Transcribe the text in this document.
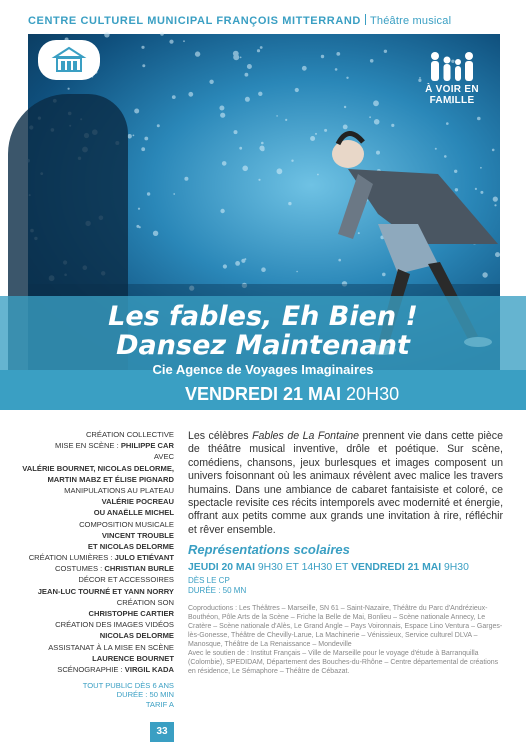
CENTRE CULTUREL MUNICIPAL FRANÇOIS MITTERRAND Théâtre musical
À VOIR EN
FAMILLE
Les fables, Eh Bien !
Dansez Maintenant
Cie Agence de Voyages Imaginaires
VENDREDI 21 MAI 20H30
CRÉATION COLLECTIVE
MISE EN SCÈNE : PHILIPPE CAR
AVEC
VALÉRIE BOURNET, NICOLAS DELORME,
MARTIN MABZ ET ÉLISE PIGNARD
MANIPULATIONS AU PLATEAU
VALÉRIE POCREAU
OU ANAËLLE MICHEL
COMPOSITION MUSICALE
VINCENT TROUBLE
ET NICOLAS DELORME
CRÉATION LUMIÈRES : JULO ETIÉVANT
COSTUMES : CHRISTIAN BURLE
DÉCOR ET ACCESSOIRES
JEAN-LUC TOURNÉ ET YANN NORRY
CRÉATION SON
CHRISTOPHE CARTIER
CRÉATION DES IMAGES VIDÉOS
NICOLAS DELORME
ASSISTANAT À LA MISE EN SCÈNE
LAURENCE BOURNET
SCÉNOGRAPHIE : VIRGIL KADA
TOUT PUBLIC DÈS 6 ANS
DURÉE : 50 MIN
TARIF A
Les célèbres Fables de La Fontaine prennent vie dans cette pièce de théâtre musical inventive, drôle et poétique. Sur scène, comédiens, chansons, jeux burlesques et images composent un univers foisonnant où les animaux révèlent avec malice les travers humains. Dans une ambiance de cabaret fantaisiste et coloré, ce spectacle revisite ces récits intemporels avec modernité et énergie, offrant aux petits comme aux grands une invitation à rire, réfléchir et rêver ensemble.
Représentations scolaires
JEUDI 20 MAI 9H30 ET 14H30 ET VENDREDI 21 MAI 9H30
DÈS LE CP
DURÉE : 50 MN
Coproductions : Les Théâtres – Marseille, SN 61 – Saint-Nazaire, Théâtre du Parc d'Andrézieux-Bouthéon, Pôle Arts de la Scène – Friche la Belle de Mai, Bonlieu – Scène nationale Annecy, Le Cratère – Scène nationale d'Alès, Le Grand Angle – Pays Voironnais, Espace Lino Ventura – Garges-lès-Gonesse, Théâtre de Chevilly-Larue, La Machinerie – Vénissieux, Service culturel DLVA – Manosque, Théâtre de La Renaissance – Mondeville
Avec le soutien de : Institut Français – Ville de Marseille pour le voyage d'étude à Barranquilla (Colombie), SPEDIDAM, Département des Bouches-du-Rhône – Centre départemental de créations en résidence, Le Sémaphore – Théâtre de Cébazat.
33
